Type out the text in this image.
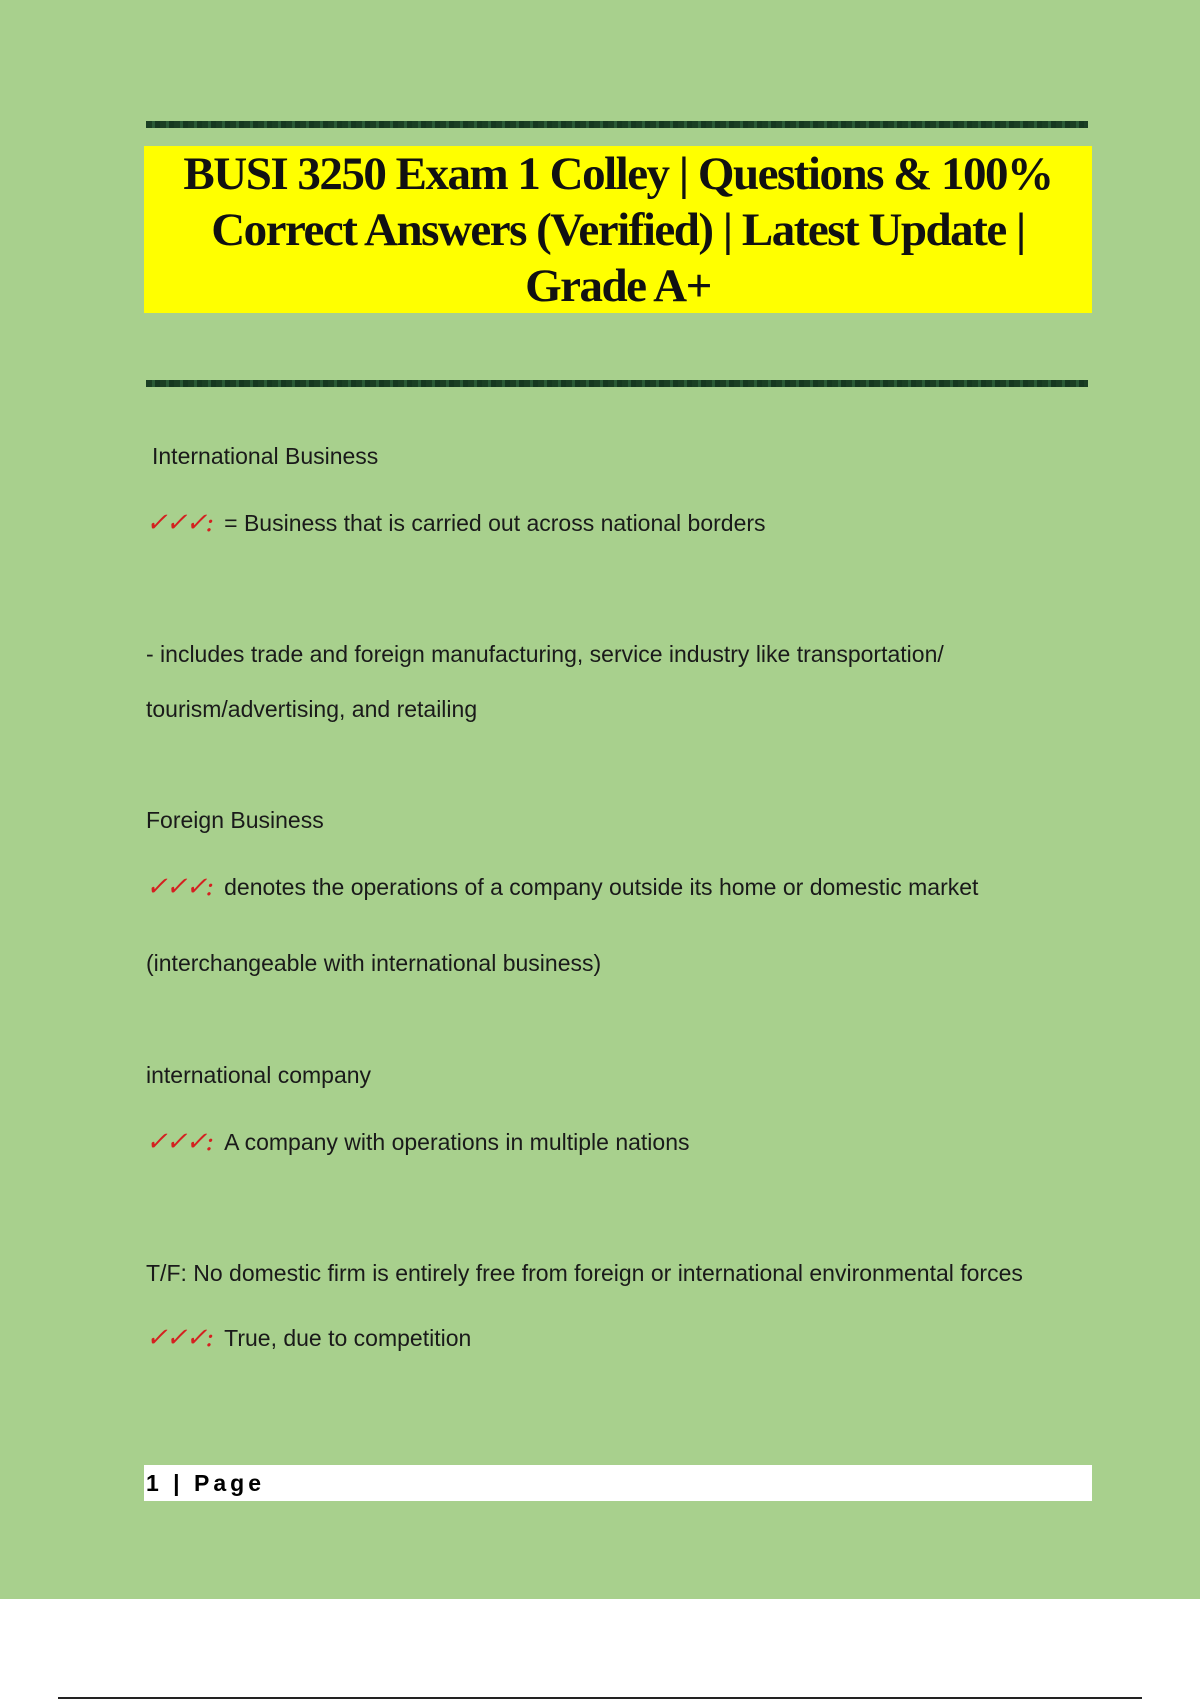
BUSI 3250 Exam 1 Colley | Questions & 100% Correct Answers (Verified) | Latest Update | Grade A+
International Business
✓✓✓: = Business that is carried out across national borders
- includes trade and foreign manufacturing, service industry like transportation/
tourism/advertising, and retailing
Foreign Business
✓✓✓: denotes the operations of a company outside its home or domestic market
(interchangeable with international business)
international company
✓✓✓: A company with operations in multiple nations
T/F: No domestic firm is entirely free from foreign or international environmental forces
✓✓✓: True, due to competition
1 | Page
